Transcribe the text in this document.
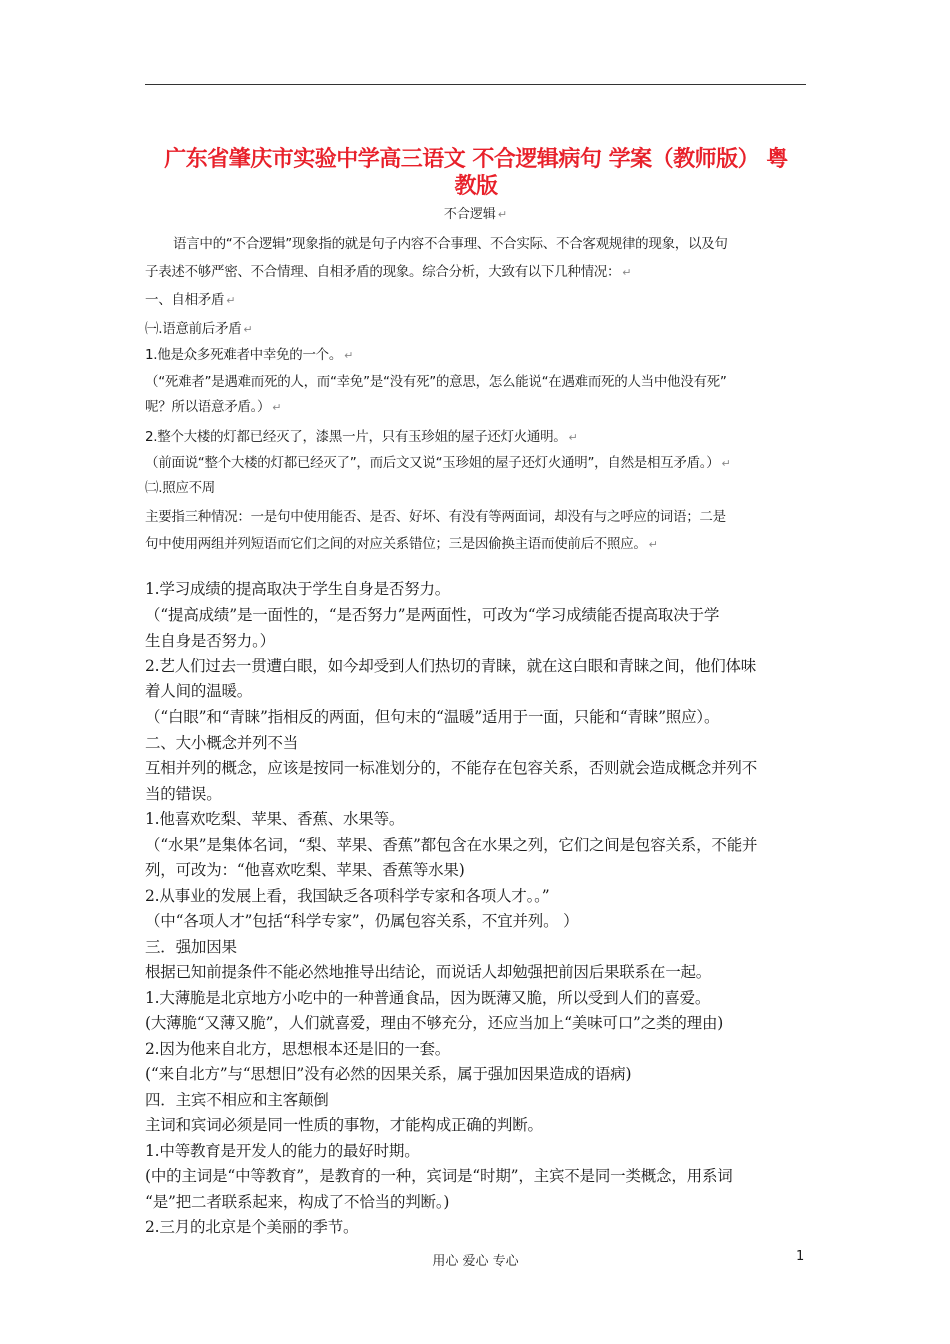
广东省肇庆市实验中学高三语文 不合逻辑病句 学案（教师版） 粤
教版
不合逻辑 ↵
语言中的“不合逻辑”现象指的就是句子内容不合事理、不合实际、不合客观规律的现象，以及句
子表述不够严密、不合情理、自相矛盾的现象。综合分析，大致有以下几种情况： ↵
一、自相矛盾 ↵
㈠.语意前后矛盾 ↵
1.他是众多死难者中幸免的一个。 ↵
（“死难者”是遇难而死的人，而“幸免”是“没有死”的意思，怎么能说“在遇难而死的人当中他没有死”
呢？所以语意矛盾。） ↵
2.整个大楼的灯都已经灭了，漆黑一片，只有玉珍姐的屋子还灯火通明。 ↵
（前面说“整个大楼的灯都已经灭了”，而后文又说“玉珍姐的屋子还灯火通明”，自然是相互矛盾。） ↵
㈡.照应不周
主要指三种情况：一是句中使用能否、是否、好坏、有没有等两面词，却没有与之呼应的词语；二是
句中使用两组并列短语而它们之间的对应关系错位；三是因偷换主语而使前后不照应。 ↵
1.学习成绩的提高取决于学生自身是否努力。
（“提高成绩”是一面性的，“是否努力”是两面性，可改为“学习成绩能否提高取决于学
生自身是否努力。）
2.艺人们过去一贯遭白眼，如今却受到人们热切的青睐，就在这白眼和青睐之间，他们体味
着人间的温暖。
（“白眼”和“青睐”指相反的两面，但句末的“温暖”适用于一面，只能和“青睐”照应）。
二、大小概念并列不当
互相并列的概念，应该是按同一标准划分的，不能存在包容关系，否则就会造成概念并列不
当的错误。
1.他喜欢吃梨、苹果、香蕉、水果等。
（“水果”是集体名词，“梨、苹果、香蕉”都包含在水果之列，它们之间是包容关系，不能并
列，可改为：“他喜欢吃梨、苹果、香蕉等水果)
2.从事业的发展上看，我国缺乏各项科学专家和各项人才。。”
（中“各项人才”包括“科学专家”，仍属包容关系，不宜并列。 ）
三．强加因果
根据已知前提条件不能必然地推导出结论，而说话人却勉强把前因后果联系在一起。
1.大薄脆是北京地方小吃中的一种普通食品，因为既薄又脆，所以受到人们的喜爱。
(大薄脆“又薄又脆”，人们就喜爱，理由不够充分，还应当加上“美味可口”之类的理由)
2.因为他来自北方，思想根本还是旧的一套。
(“来自北方”与“思想旧”没有必然的因果关系，属于强加因果造成的语病)
四．主宾不相应和主客颠倒
主词和宾词必须是同一性质的事物，才能构成正确的判断。
1.中等教育是开发人的能力的最好时期。
(中的主词是“中等教育”，是教育的一种，宾词是“时期”，主宾不是同一类概念，用系词
“是”把二者联系起来，构成了不恰当的判断。)
2.三月的北京是个美丽的季节。
用心 爱心 专心	1
